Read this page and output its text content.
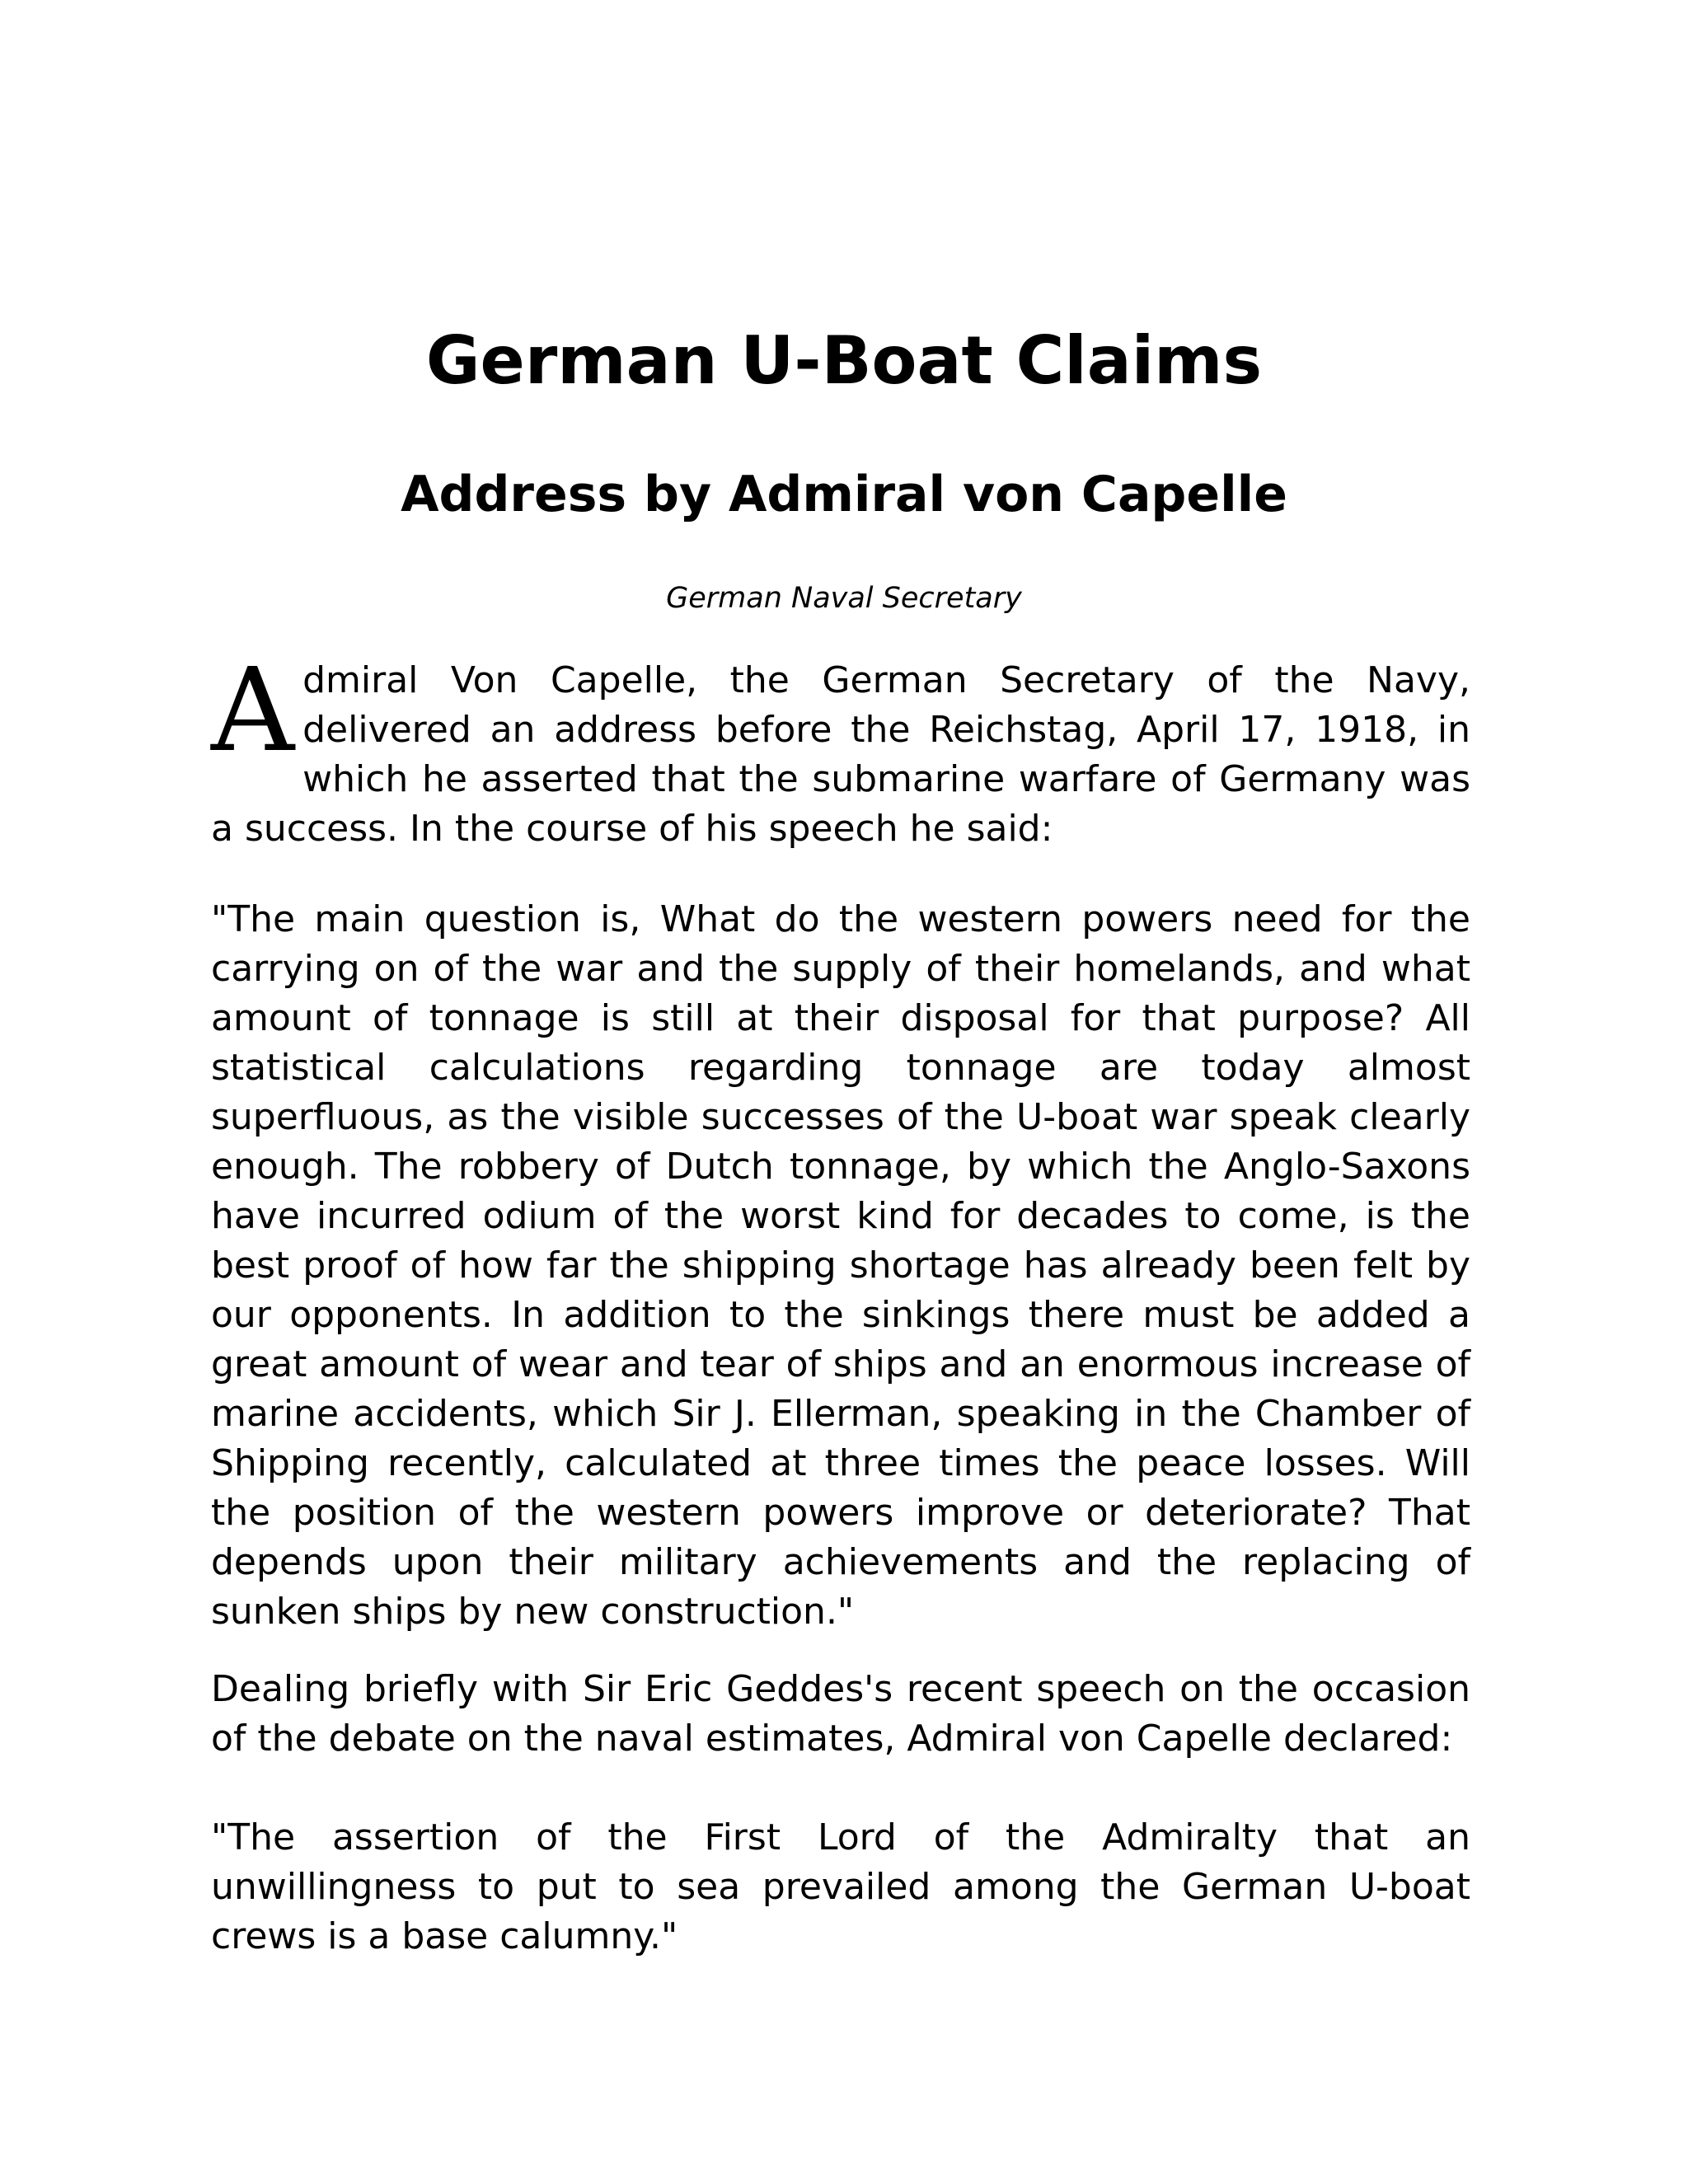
German U-Boat Claims
Address by Admiral von Capelle
German Naval Secretary

Admiral Von Capelle, the German Secretary of the Navy, delivered an address before the Reichstag, April 17, 1918, in which he asserted that the submarine warfare of Germany was a success. In the course of his speech he said:

"The main question is, What do the western powers need for the carrying on of the war and the supply of their homelands, and what amount of tonnage is still at their disposal for that purpose? All statistical calculations regarding tonnage are today almost superfluous, as the visible successes of the U-boat war speak clearly enough. The robbery of Dutch tonnage, by which the Anglo-Saxons have incurred odium of the worst kind for decades to come, is the best proof of how far the shipping shortage has already been felt by our opponents. In addition to the sinkings there must be added a great amount of wear and tear of ships and an enormous increase of marine accidents, which Sir J. Ellerman, speaking in the Chamber of Shipping recently, calculated at three times the peace losses. Will the position of the western powers improve or deteriorate? That depends upon their military achievements and the replacing of sunken ships by new construction."

Dealing briefly with Sir Eric Geddes's recent speech on the occasion of the debate on the naval estimates, Admiral von Capelle declared:

"The assertion of the First Lord of the Admiralty that an unwillingness to put to sea prevailed among the German U-boat crews is a base calumny."
